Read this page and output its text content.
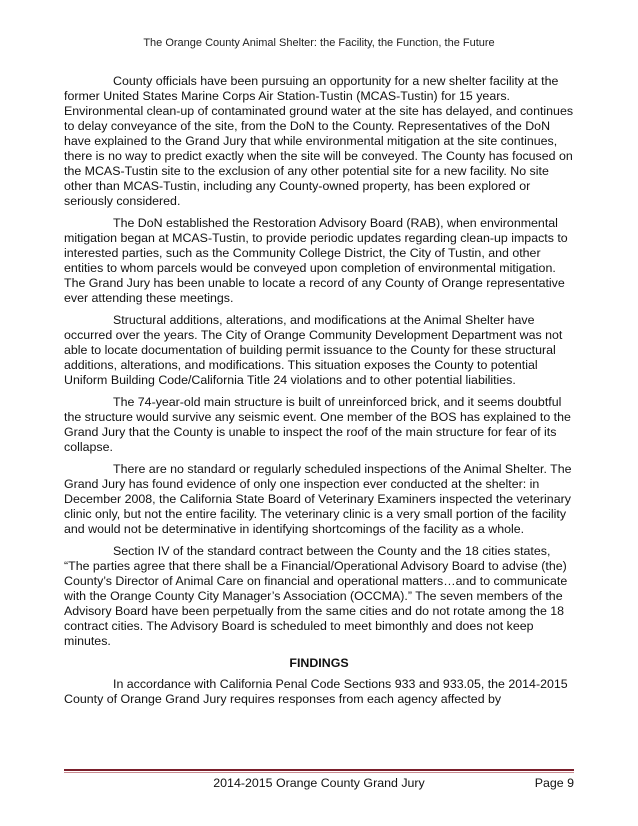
The Orange County Animal Shelter: the Facility, the Function, the Future

County officials have been pursuing an opportunity for a new shelter facility at the former United States Marine Corps Air Station-Tustin (MCAS-Tustin) for 15 years. Environmental clean-up of contaminated ground water at the site has delayed, and continues to delay conveyance of the site, from the DoN to the County. Representatives of the DoN have explained to the Grand Jury that while environmental mitigation at the site continues, there is no way to predict exactly when the site will be conveyed. The County has focused on the MCAS-Tustin site to the exclusion of any other potential site for a new facility. No site other than MCAS-Tustin, including any County-owned property, has been explored or seriously considered.

The DoN established the Restoration Advisory Board (RAB), when environmental mitigation began at MCAS-Tustin, to provide periodic updates regarding clean-up impacts to interested parties, such as the Community College District, the City of Tustin, and other entities to whom parcels would be conveyed upon completion of environmental mitigation. The Grand Jury has been unable to locate a record of any County of Orange representative ever attending these meetings.

Structural additions, alterations, and modifications at the Animal Shelter have occurred over the years. The City of Orange Community Development Department was not able to locate documentation of building permit issuance to the County for these structural additions, alterations, and modifications. This situation exposes the County to potential Uniform Building Code/California Title 24 violations and to other potential liabilities.

The 74-year-old main structure is built of unreinforced brick, and it seems doubtful the structure would survive any seismic event. One member of the BOS has explained to the Grand Jury that the County is unable to inspect the roof of the main structure for fear of its collapse.

There are no standard or regularly scheduled inspections of the Animal Shelter. The Grand Jury has found evidence of only one inspection ever conducted at the shelter: in December 2008, the California State Board of Veterinary Examiners inspected the veterinary clinic only, but not the entire facility. The veterinary clinic is a very small portion of the facility and would not be determinative in identifying shortcomings of the facility as a whole.

Section IV of the standard contract between the County and the 18 cities states, “The parties agree that there shall be a Financial/Operational Advisory Board to advise (the) County’s Director of Animal Care on financial and operational matters…and to communicate with the Orange County City Manager’s Association (OCCMA).” The seven members of the Advisory Board have been perpetually from the same cities and do not rotate among the 18 contract cities. The Advisory Board is scheduled to meet bimonthly and does not keep minutes.

FINDINGS

In accordance with California Penal Code Sections 933 and 933.05, the 2014-2015 County of Orange Grand Jury requires responses from each agency affected by

2014-2015 Orange County Grand Jury	Page 9
